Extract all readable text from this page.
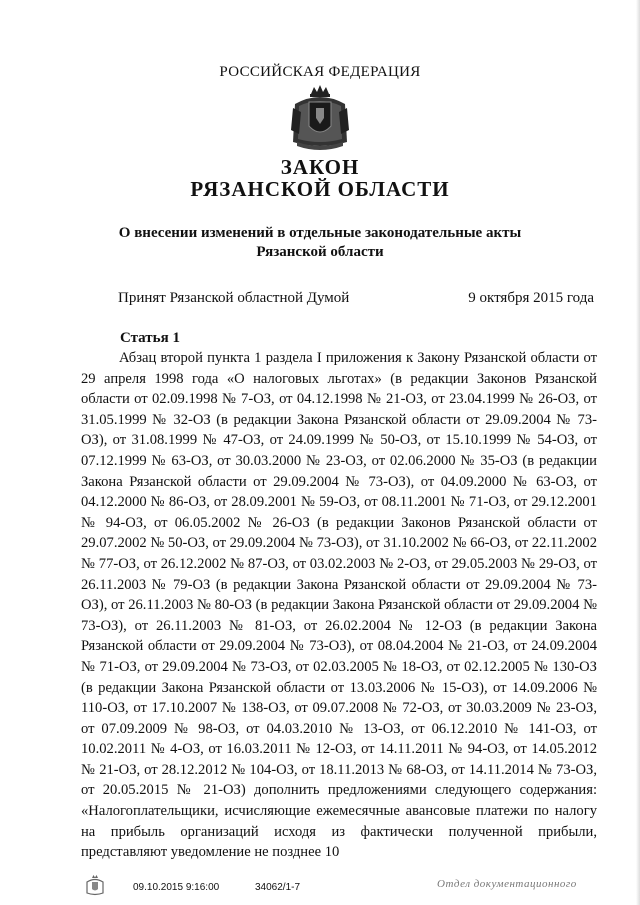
РОССИЙСКАЯ ФЕДЕРАЦИЯ
ЗАКОН
РЯЗАНСКОЙ ОБЛАСТИ
О внесении изменений в отдельные законодательные акты
Рязанской области
Принят Рязанской областной Думой	9 октября 2015 года
Статья 1

Абзац второй пункта 1 раздела I приложения к Закону Рязанской области от 29 апреля 1998 года «О налоговых льготах» (в редакции Законов Рязанской области от 02.09.1998 № 7-ОЗ, от 04.12.1998 № 21-ОЗ, от 23.04.1999 № 26-ОЗ, от 31.05.1999 № 32-ОЗ (в редакции Закона Рязанской области от 29.09.2004 № 73-ОЗ), от 31.08.1999 № 47-ОЗ, от 24.09.1999 № 50-ОЗ, от 15.10.1999 № 54-ОЗ, от 07.12.1999 № 63-ОЗ, от 30.03.2000 № 23-ОЗ, от 02.06.2000 № 35-ОЗ (в редакции Закона Рязанской области от 29.09.2004 № 73-ОЗ), от 04.09.2000 № 63-ОЗ, от 04.12.2000 № 86-ОЗ, от 28.09.2001 № 59-ОЗ, от 08.11.2001 № 71-ОЗ, от 29.12.2001 № 94-ОЗ, от 06.05.2002 № 26-ОЗ (в редакции Законов Рязанской области от 29.07.2002 № 50-ОЗ, от 29.09.2004 № 73-ОЗ), от 31.10.2002 № 66-ОЗ, от 22.11.2002 № 77-ОЗ, от 26.12.2002 № 87-ОЗ, от 03.02.2003 № 2-ОЗ, от 29.05.2003 № 29-ОЗ, от 26.11.2003 № 79-ОЗ (в редакции Закона Рязанской области от 29.09.2004 № 73-ОЗ), от 26.11.2003 № 80-ОЗ (в редакции Закона Рязанской области от 29.09.2004 № 73-ОЗ), от 26.11.2003 № 81-ОЗ, от 26.02.2004 № 12-ОЗ (в редакции Закона Рязанской области от 29.09.2004 № 73-ОЗ), от 08.04.2004 № 21-ОЗ, от 24.09.2004 № 71-ОЗ, от 29.09.2004 № 73-ОЗ, от 02.03.2005 № 18-ОЗ, от 02.12.2005 № 130-ОЗ (в редакции Закона Рязанской области от 13.03.2006 № 15-ОЗ), от 14.09.2006 № 110-ОЗ, от 17.10.2007 № 138-ОЗ, от 09.07.2008 № 72-ОЗ, от 30.03.2009 № 23-ОЗ, от 07.09.2009 № 98-ОЗ, от 04.03.2010 № 13-ОЗ, от 06.12.2010 № 141-ОЗ, от 10.02.2011 № 4-ОЗ, от 16.03.2011 № 12-ОЗ, от 14.11.2011 № 94-ОЗ, от 14.05.2012 № 21-ОЗ, от 28.12.2012 № 104-ОЗ, от 18.11.2013 № 68-ОЗ, от 14.11.2014 № 73-ОЗ, от 20.05.2015 № 21-ОЗ) дополнить предложениями следующего содержания: «Налогоплательщики, исчисляющие ежемесячные авансовые платежи по налогу на прибыль организаций исходя из фактически полученной прибыли, представляют уведомление не позднее 10

09.10.2015 9:16:00	34062/1-7	Отдел документационного
